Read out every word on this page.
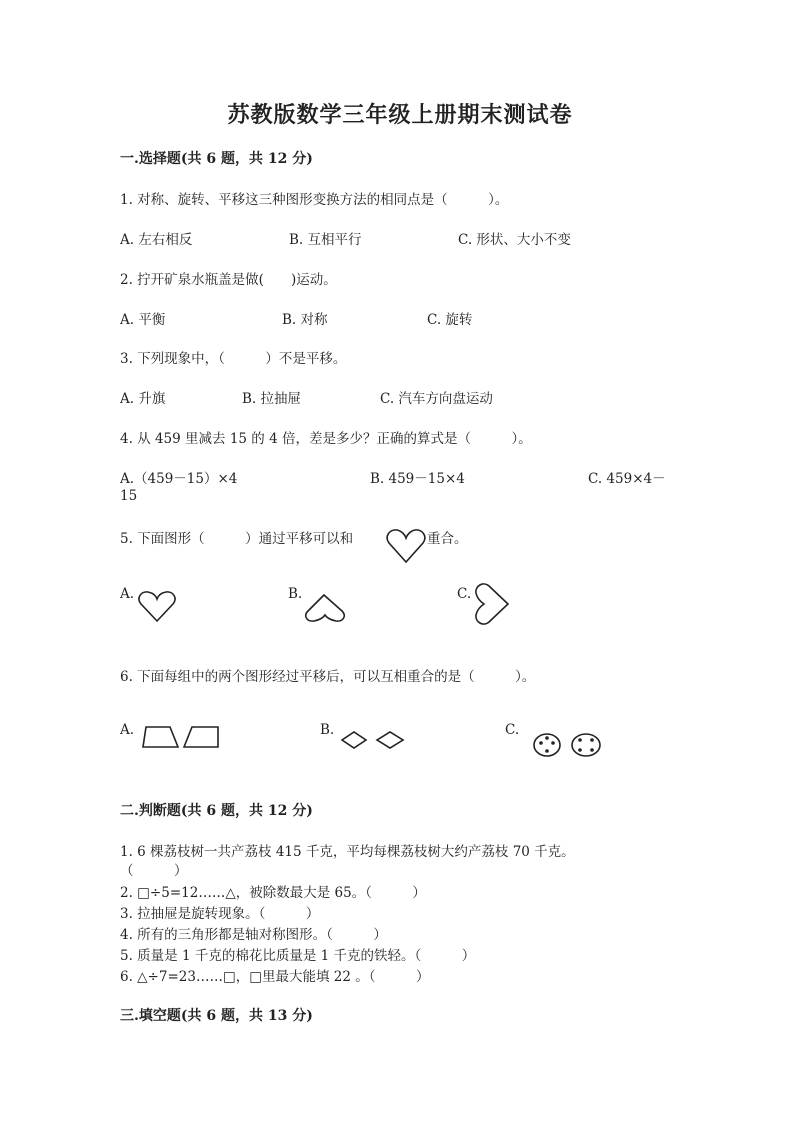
苏教版数学三年级上册期末测试卷
一.选择题(共 6 题，共 12 分)
1. 对称、旋转、平移这三种图形变换方法的相同点是（　　　）。
A. 左右相反	B. 互相平行	C. 形状、大小不变
2. 拧开矿泉水瓶盖是做(　　)运动。
A. 平衡	B. 对称	C. 旋转
3. 下列现象中，（　　　）不是平移。
A. 升旗	B. 拉抽屉	C. 汽车方向盘运动
4. 从 459 里减去 15 的 4 倍，差是多少？正确的算式是（　　　）。
A.（459－15）×4	B. 459－15×4	C. 459×4－
15
5. 下面图形（　　　）通过平移可以和	重合。
A.	B.	C.
6. 下面每组中的两个图形经过平移后，可以互相重合的是（　　　）。
A.	B.	C.
二.判断题(共 6 题，共 12 分)
1. 6 棵荔枝树一共产荔枝 415 千克，平均每棵荔枝树大约产荔枝 70 千克。
（　　　）
2. □÷5=12……△，被除数最大是 65。（　　　）
3. 拉抽屉是旋转现象。（　　　）
4. 所有的三角形都是轴对称图形。（　　　）
5. 质量是 1 千克的棉花比质量是 1 千克的铁轻。（　　　）
6. △÷7=23……□，□里最大能填 22 。（　　　）
三.填空题(共 6 题，共 13 分)
